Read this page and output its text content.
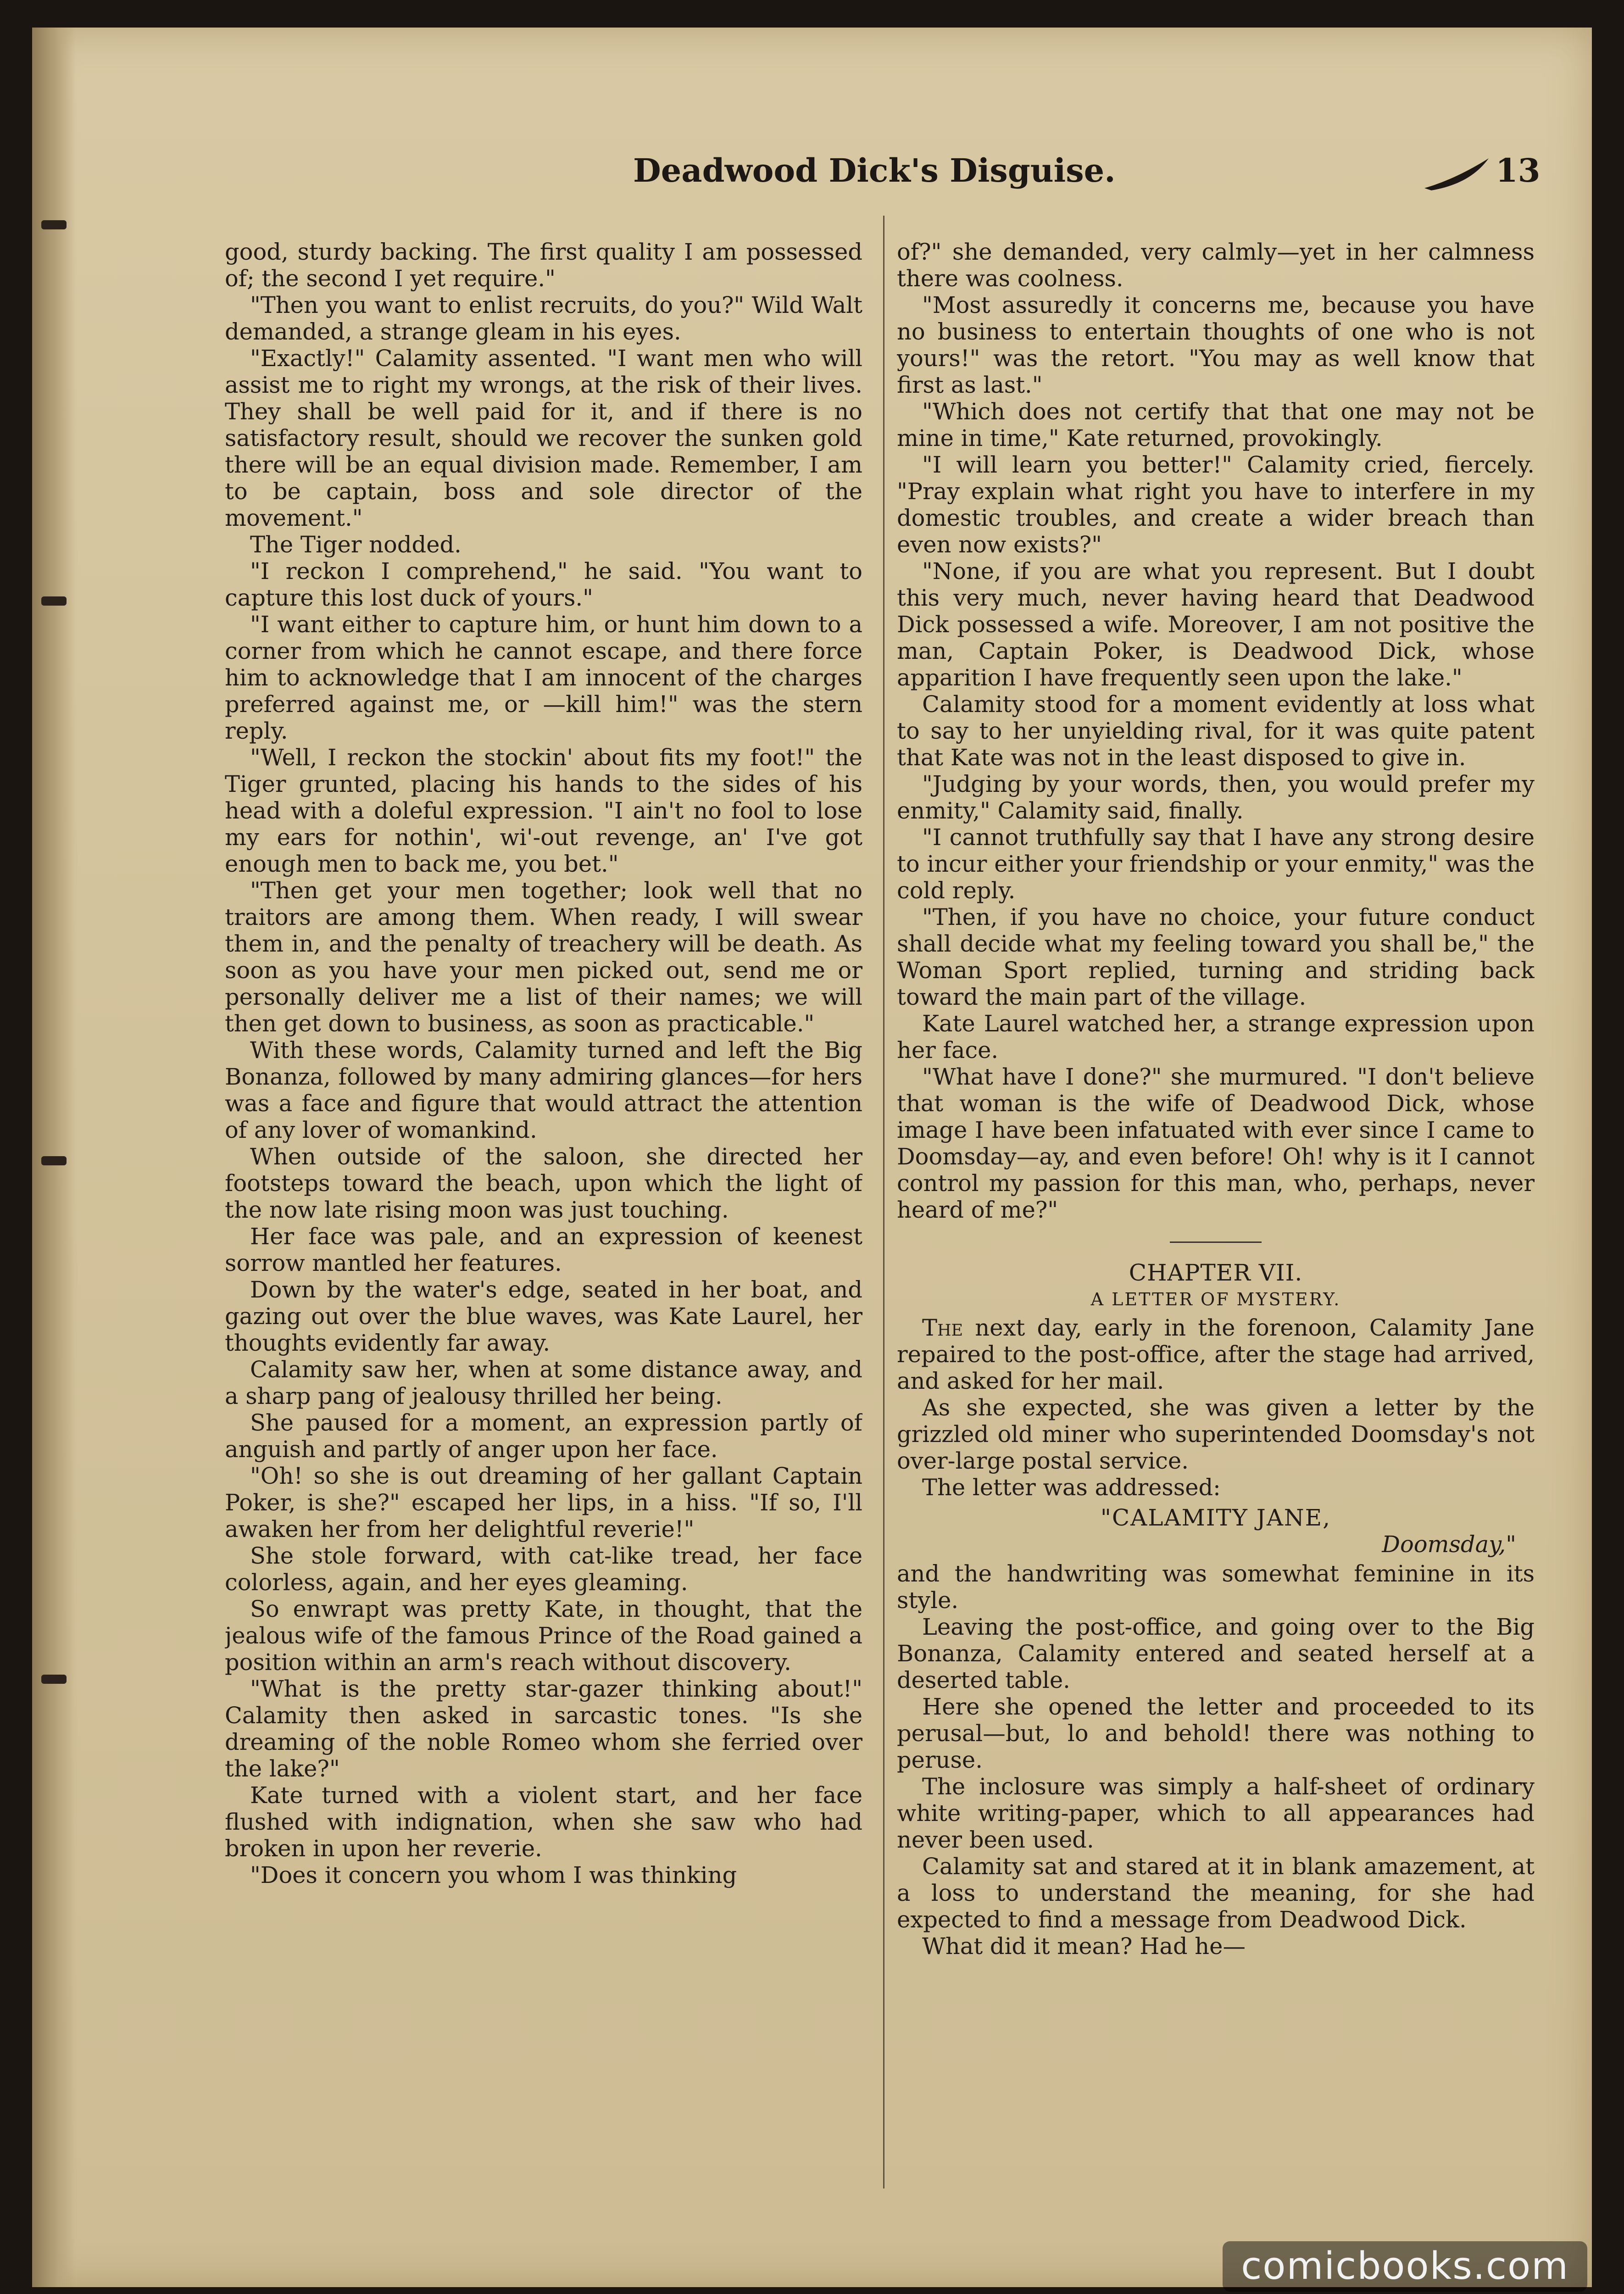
Deadwood Dick's Disguise.	13

good, sturdy backing. The first quality I am possessed of; the second I yet require."

"Then you want to enlist recruits, do you?" Wild Walt demanded, a strange gleam in his eyes.

"Exactly!" Calamity assented. "I want men who will assist me to right my wrongs, at the risk of their lives. They shall be well paid for it, and if there is no satisfactory result, should we recover the sunken gold there will be an equal division made. Remember, I am to be captain, boss and sole director of the movement."

The Tiger nodded.

"I reckon I comprehend," he said. "You want to capture this lost duck of yours."

"I want either to capture him, or hunt him down to a corner from which he cannot escape, and there force him to acknowledge that I am innocent of the charges preferred against me, or —kill him!" was the stern reply.

"Well, I reckon the stockin' about fits my foot!" the Tiger grunted, placing his hands to the sides of his head with a doleful expression. "I ain't no fool to lose my ears for nothin', wi'-out revenge, an' I've got enough men to back me, you bet."

"Then get your men together; look well that no traitors are among them. When ready, I will swear them in, and the penalty of treachery will be death. As soon as you have your men picked out, send me or personally deliver me a list of their names; we will then get down to business, as soon as practicable."

With these words, Calamity turned and left the Big Bonanza, followed by many admiring glances—for hers was a face and figure that would attract the attention of any lover of womankind.

When outside of the saloon, she directed her footsteps toward the beach, upon which the light of the now late rising moon was just touching.

Her face was pale, and an expression of keenest sorrow mantled her features.

Down by the water's edge, seated in her boat, and gazing out over the blue waves, was Kate Laurel, her thoughts evidently far away.

Calamity saw her, when at some distance away, and a sharp pang of jealousy thrilled her being.

She paused for a moment, an expression partly of anguish and partly of anger upon her face.

"Oh! so she is out dreaming of her gallant Captain Poker, is she?" escaped her lips, in a hiss. "If so, I'll awaken her from her delightful reverie!"

She stole forward, with cat-like tread, her face colorless, again, and her eyes gleaming.

So enwrapt was pretty Kate, in thought, that the jealous wife of the famous Prince of the Road gained a position within an arm's reach without discovery.

"What is the pretty star-gazer thinking about!" Calamity then asked in sarcastic tones. "Is she dreaming of the noble Romeo whom she ferried over the lake?"

Kate turned with a violent start, and her face flushed with indignation, when she saw who had broken in upon her reverie.

"Does it concern you whom I was thinking

of?" she demanded, very calmly—yet in her calmness there was coolness.

"Most assuredly it concerns me, because you have no business to entertain thoughts of one who is not yours!" was the retort. "You may as well know that first as last."

"Which does not certify that that one may not be mine in time," Kate returned, provokingly.

"I will learn you better!" Calamity cried, fiercely. "Pray explain what right you have to interfere in my domestic troubles, and create a wider breach than even now exists?"

"None, if you are what you represent. But I doubt this very much, never having heard that Deadwood Dick possessed a wife. Moreover, I am not positive the man, Captain Poker, is Deadwood Dick, whose apparition I have frequently seen upon the lake."

Calamity stood for a moment evidently at loss what to say to her unyielding rival, for it was quite patent that Kate was not in the least disposed to give in.

"Judging by your words, then, you would prefer my enmity," Calamity said, finally.

"I cannot truthfully say that I have any strong desire to incur either your friendship or your enmity," was the cold reply.

"Then, if you have no choice, your future conduct shall decide what my feeling toward you shall be," the Woman Sport replied, turning and striding back toward the main part of the village.

Kate Laurel watched her, a strange expression upon her face.

"What have I done?" she murmured. "I don't believe that woman is the wife of Deadwood Dick, whose image I have been infatuated with ever since I came to Doomsday—ay, and even before! Oh! why is it I cannot control my passion for this man, who, perhaps, never heard of me?"

CHAPTER VII.

A LETTER OF MYSTERY.

The next day, early in the forenoon, Calamity Jane repaired to the post-office, after the stage had arrived, and asked for her mail.

As she expected, she was given a letter by the grizzled old miner who superintended Doomsday's not over-large postal service.

The letter was addressed:

"CALAMITY JANE,

Doomsday,"

and the handwriting was somewhat feminine in its style.

Leaving the post-office, and going over to the Big Bonanza, Calamity entered and seated herself at a deserted table.

Here she opened the letter and proceeded to its perusal—but, lo and behold! there was nothing to peruse.

The inclosure was simply a half-sheet of ordinary white writing-paper, which to all appearances had never been used.

Calamity sat and stared at it in blank amazement, at a loss to understand the meaning, for she had expected to find a message from Deadwood Dick.

What did it mean? Had he—

comicbooks.com
